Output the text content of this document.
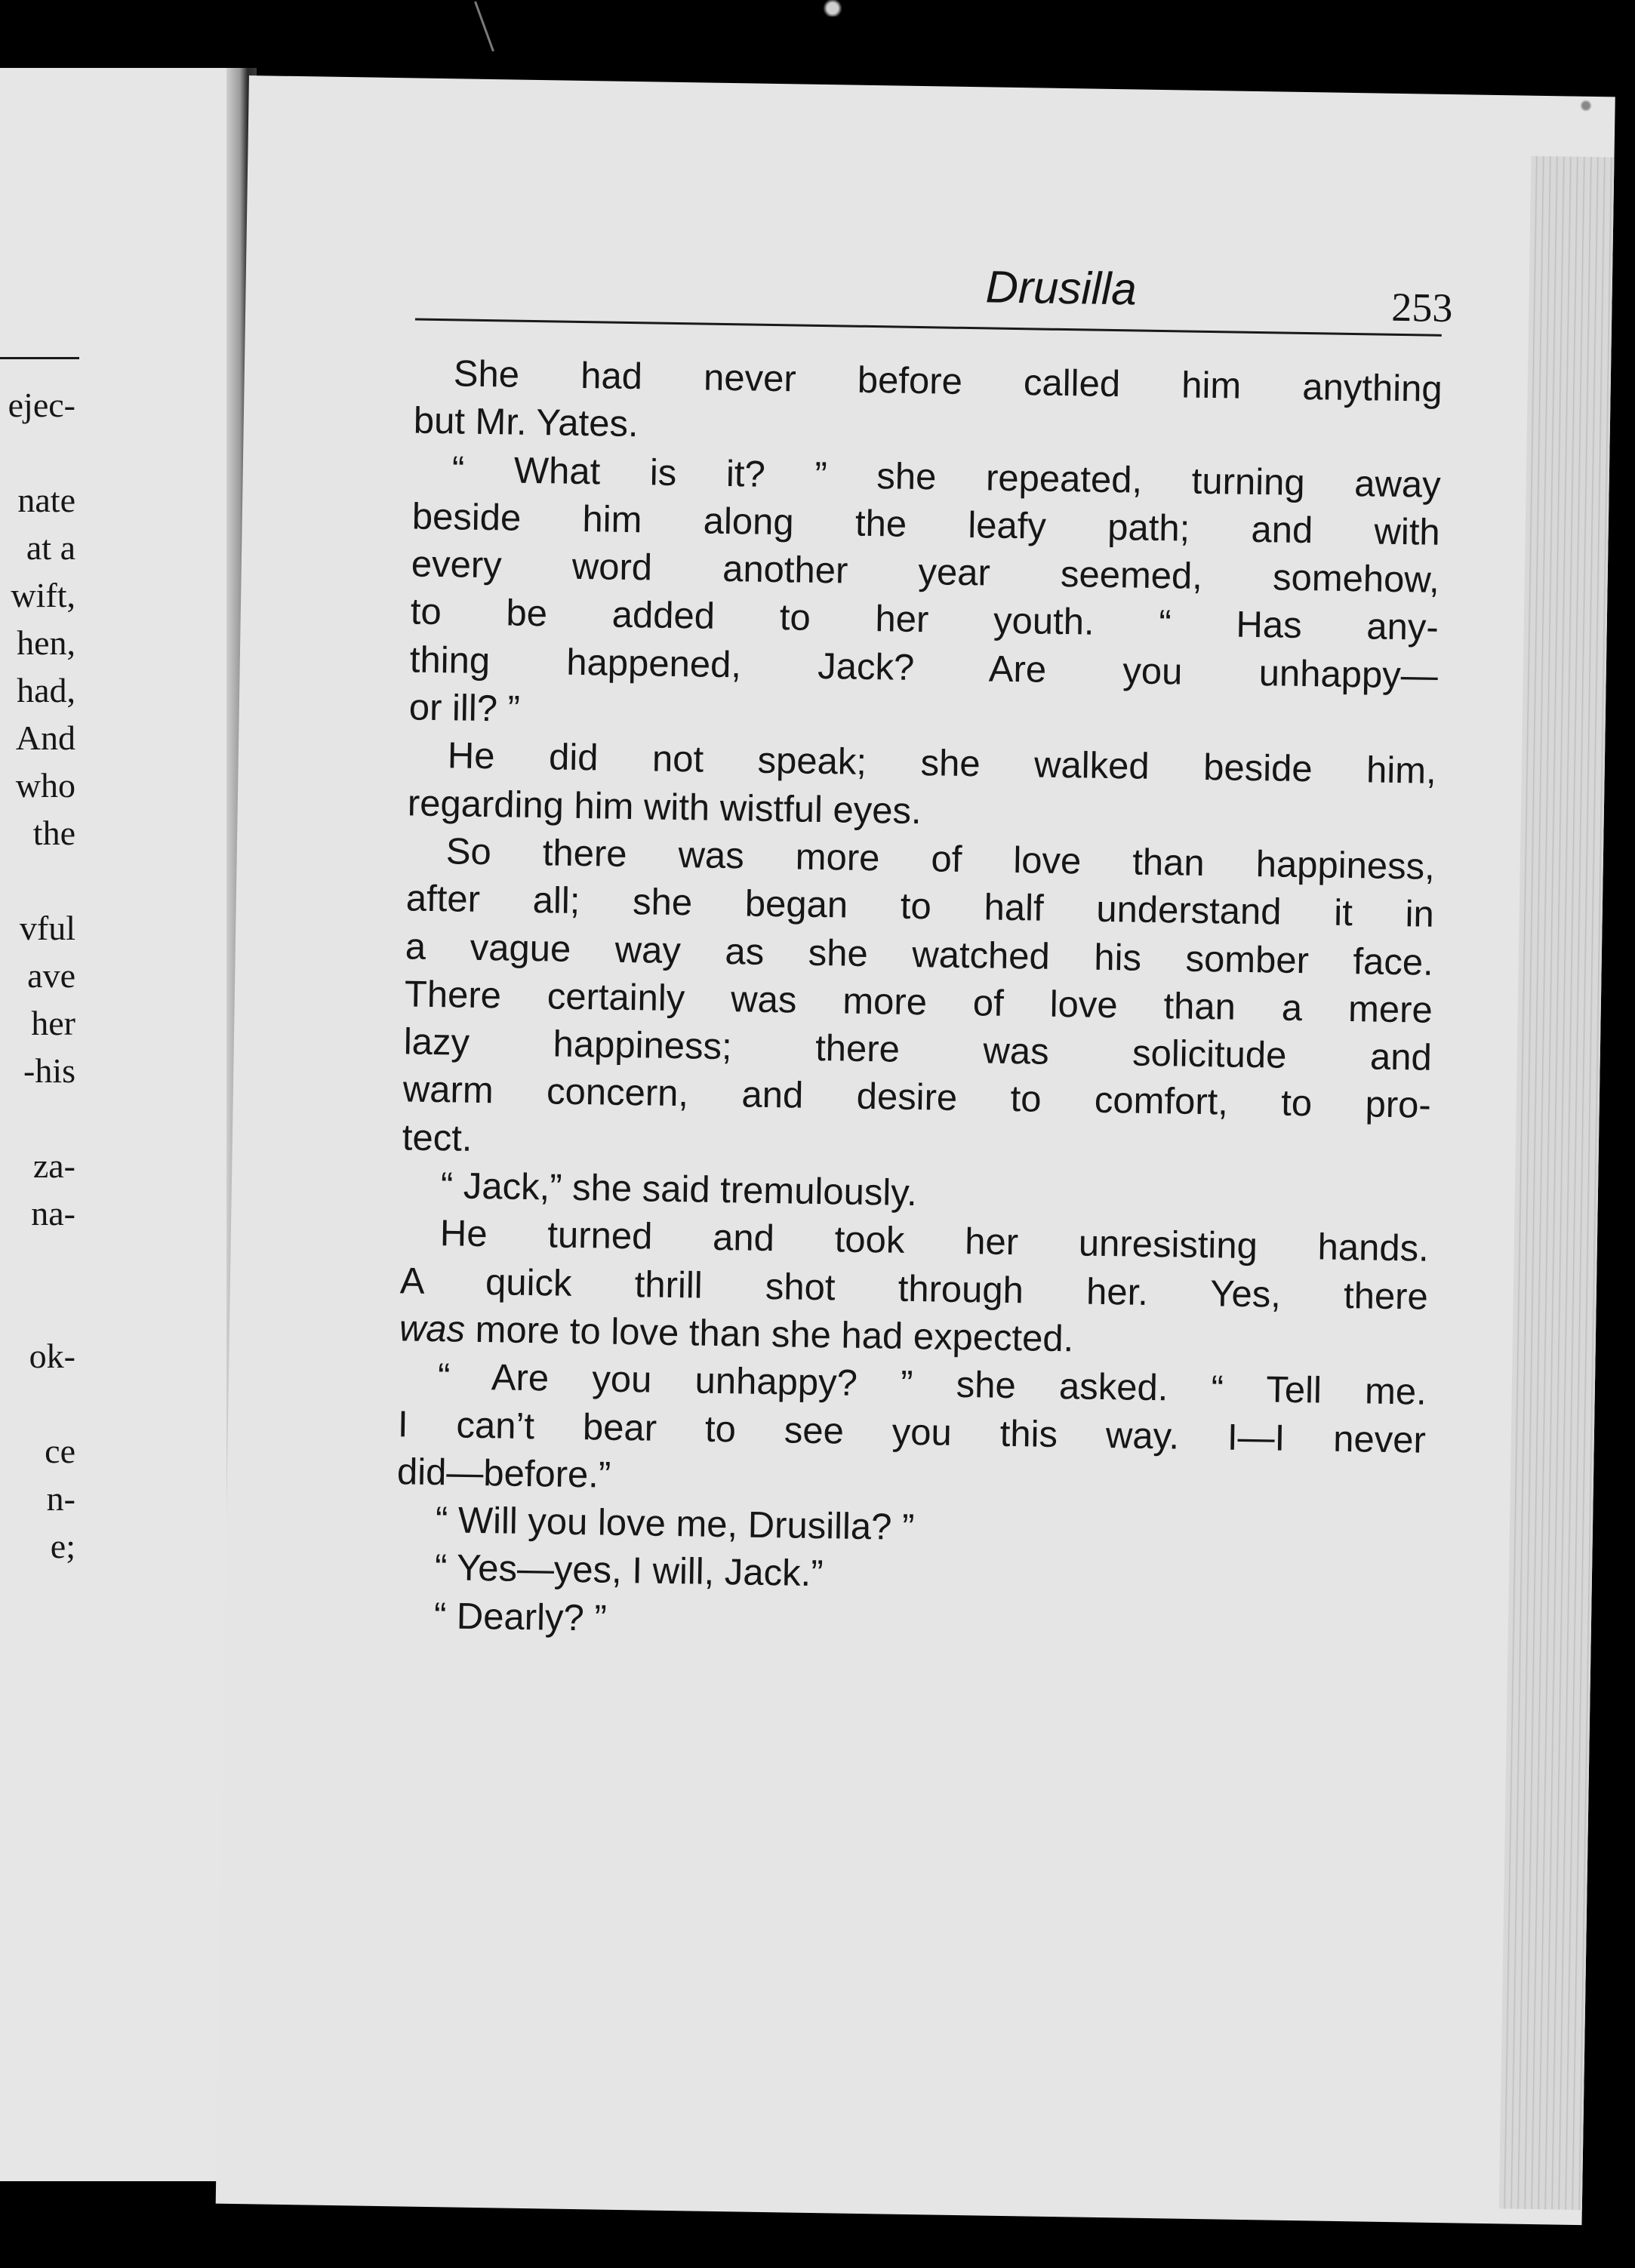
ejec-
nate
at a
wift,
hen,
had,
And
who
the
vful
ave
her
-his
za-
na-
ok-
ce
n-
e;
Drusilla	253
She had never before called him anything
but Mr. Yates.
“ What is it? ” she repeated, turning away
beside him along the leafy path; and with
every word another year seemed, somehow,
to be added to her youth. “ Has any-
thing happened, Jack? Are you unhappy—
or ill? ”
He did not speak; she walked beside him,
regarding him with wistful eyes.
So there was more of love than happiness,
after all; she began to half understand it in
a vague way as she watched his somber face.
There certainly was more of love than a mere
lazy happiness; there was solicitude and
warm concern, and desire to comfort, to pro-
tect.
“ Jack,” she said tremulously.
He turned and took her unresisting hands.
A quick thrill shot through her. Yes, there
was more to love than she had expected.
“ Are you unhappy? ” she asked. “ Tell me.
I can’t bear to see you this way. I—I never
did—before.”
“ Will you love me, Drusilla? ”
“ Yes—yes, I will, Jack.”
“ Dearly? ”
